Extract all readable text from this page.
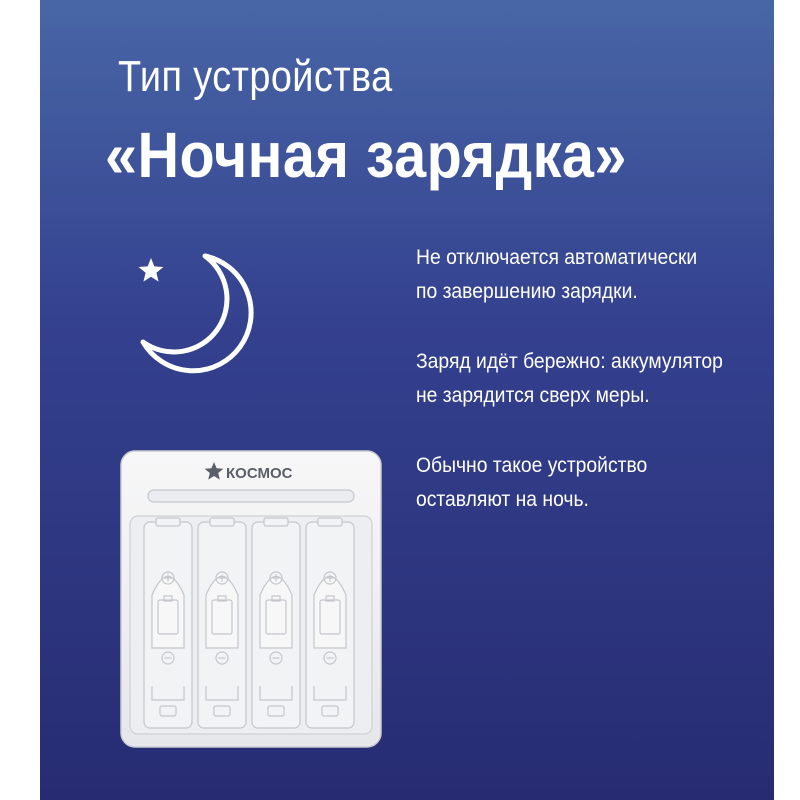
Тип устройства
«Ночная зарядка»
Не отключается автоматически
по завершению зарядки.
Заряд идёт бережно: аккумулятор
не зарядится сверх меры.
Обычно такое устройство
оставляют на ночь.
КОСМОС
